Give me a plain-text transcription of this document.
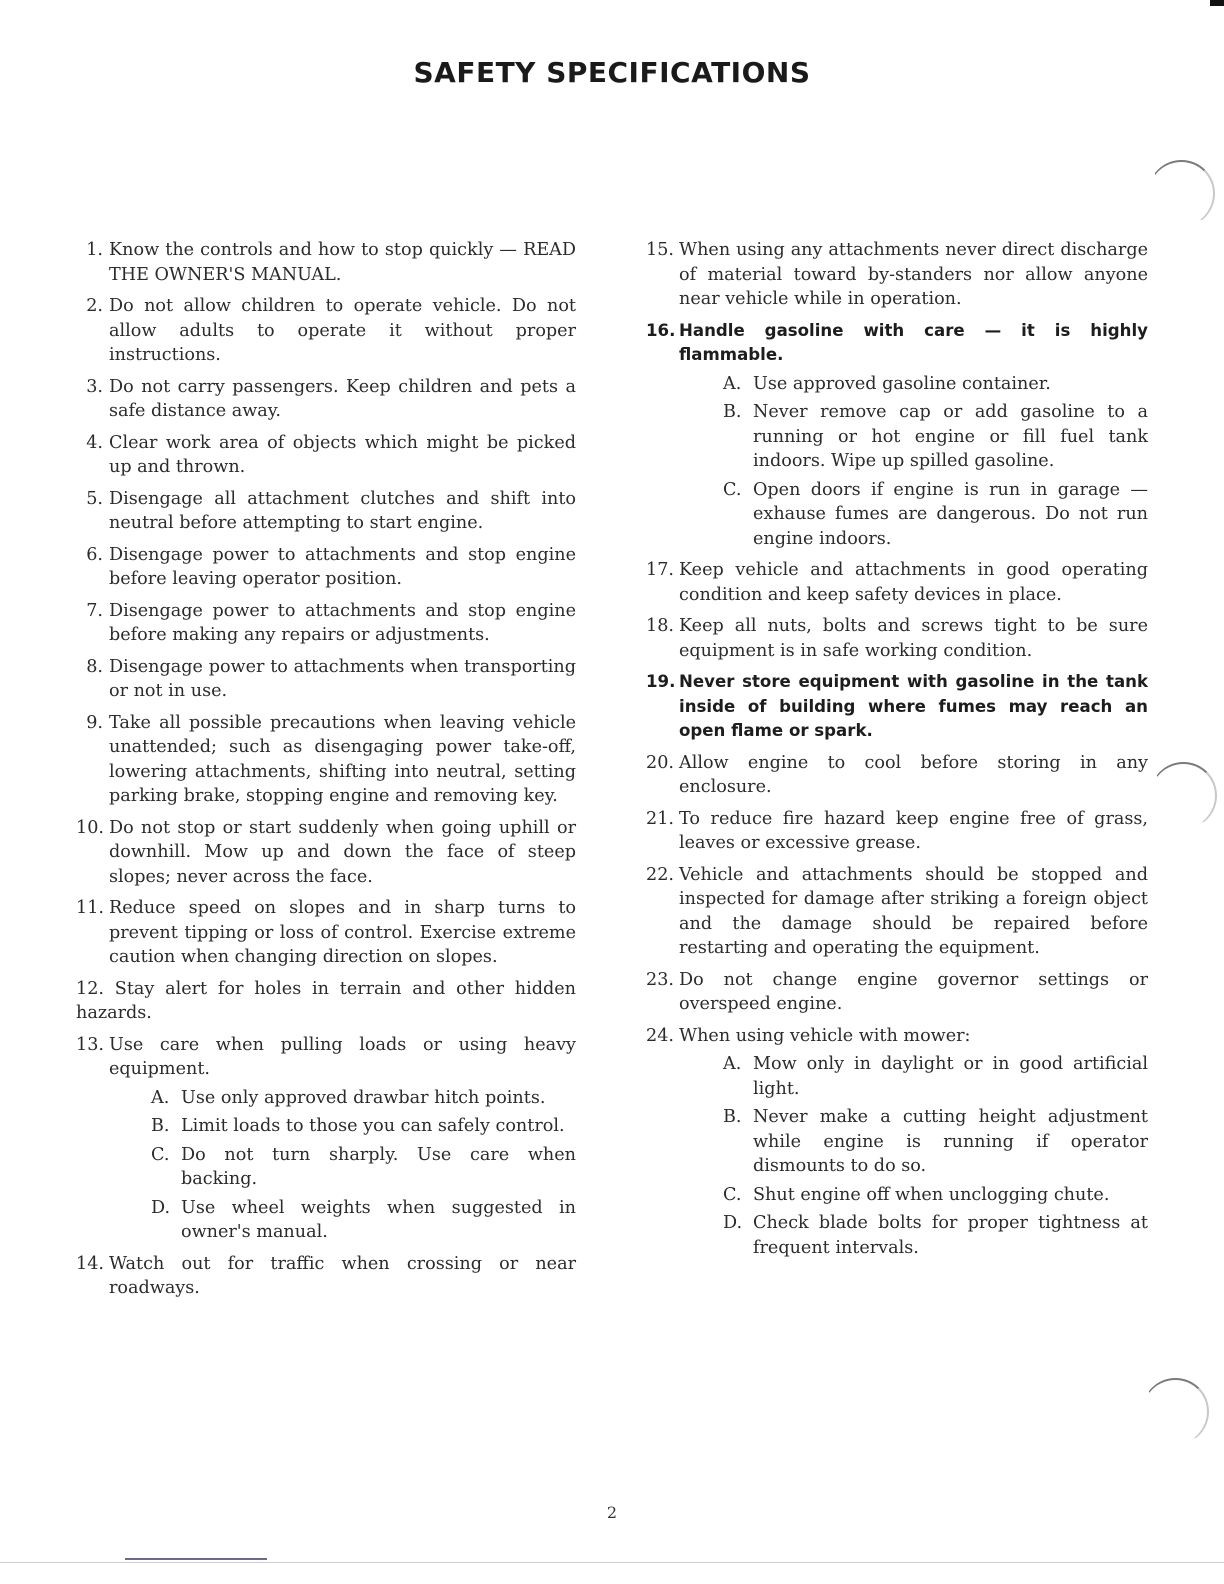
SAFETY SPECIFICATIONS
1. Know the controls and how to stop quickly — READ THE OWNER'S MANUAL.
2. Do not allow children to operate vehicle. Do not allow adults to operate it without proper instructions.
3. Do not carry passengers. Keep children and pets a safe distance away.
4. Clear work area of objects which might be picked up and thrown.
5. Disengage all attachment clutches and shift into neutral before attempting to start engine.
6. Disengage power to attachments and stop engine before leaving operator position.
7. Disengage power to attachments and stop engine before making any repairs or adjustments.
8. Disengage power to attachments when transporting or not in use.
9. Take all possible precautions when leaving vehicle unattended; such as disengaging power take-off, lowering attachments, shifting into neutral, setting parking brake, stopping engine and removing key.
10. Do not stop or start suddenly when going uphill or downhill. Mow up and down the face of steep slopes; never across the face.
11. Reduce speed on slopes and in sharp turns to prevent tipping or loss of control. Exercise extreme caution when changing direction on slopes.
12. Stay alert for holes in terrain and other hidden hazards.
13. Use care when pulling loads or using heavy equipment.
A. Use only approved drawbar hitch points.
B. Limit loads to those you can safely control.
C. Do not turn sharply. Use care when backing.
D. Use wheel weights when suggested in owner's manual.
14. Watch out for traffic when crossing or near roadways.
15. When using any attachments never direct discharge of material toward by-standers nor allow anyone near vehicle while in operation.
16. Handle gasoline with care — it is highly flammable.
A. Use approved gasoline container.
B. Never remove cap or add gasoline to a running or hot engine or fill fuel tank indoors. Wipe up spilled gasoline.
C. Open doors if engine is run in garage — exhause fumes are dangerous. Do not run engine indoors.
17. Keep vehicle and attachments in good operating condition and keep safety devices in place.
18. Keep all nuts, bolts and screws tight to be sure equipment is in safe working condition.
19. Never store equipment with gasoline in the tank inside of building where fumes may reach an open flame or spark.
20. Allow engine to cool before storing in any enclosure.
21. To reduce fire hazard keep engine free of grass, leaves or excessive grease.
22. Vehicle and attachments should be stopped and inspected for damage after striking a foreign object and the damage should be repaired before restarting and operating the equipment.
23. Do not change engine governor settings or overspeed engine.
24. When using vehicle with mower:
A. Mow only in daylight or in good artificial light.
B. Never make a cutting height adjustment while engine is running if operator dismounts to do so.
C. Shut engine off when unclogging chute.
D. Check blade bolts for proper tightness at frequent intervals.
2
